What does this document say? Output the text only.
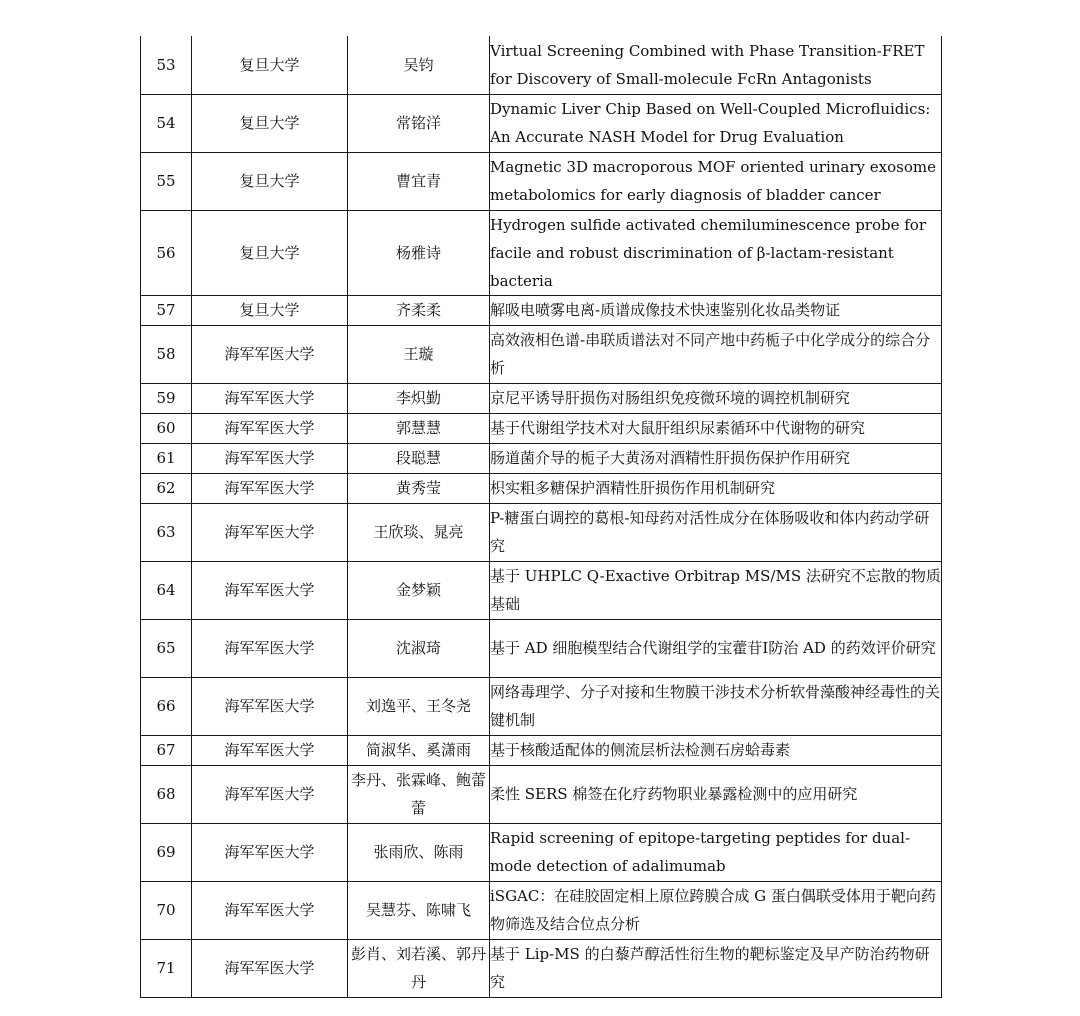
53	复旦大学	吴钧	Virtual Screening Combined with Phase Transition-FRET for Discovery of Small-molecule FcRn Antagonists
54	复旦大学	常铭洋	Dynamic Liver Chip Based on Well-Coupled Microfluidics: An Accurate NASH Model for Drug Evaluation
55	复旦大学	曹宜青	Magnetic 3D macroporous MOF oriented urinary exosome metabolomics for early diagnosis of bladder cancer
56	复旦大学	杨雅诗	Hydrogen sulfide activated chemiluminescence probe for facile and robust discrimination of β-lactam-resistant bacteria
57	复旦大学	齐柔柔	解吸电喷雾电离-质谱成像技术快速鉴别化妆品类物证
58	海军军医大学	王璇	高效液相色谱-串联质谱法对不同产地中药栀子中化学成分的综合分析
59	海军军医大学	李炽勤	京尼平诱导肝损伤对肠组织免疫微环境的调控机制研究
60	海军军医大学	郭慧慧	基于代谢组学技术对大鼠肝组织尿素循环中代谢物的研究
61	海军军医大学	段聪慧	肠道菌介导的栀子大黄汤对酒精性肝损伤保护作用研究
62	海军军医大学	黄秀莹	枳实粗多糖保护酒精性肝损伤作用机制研究
63	海军军医大学	王欣琰、晁亮	P-糖蛋白调控的葛根-知母药对活性成分在体肠吸收和体内药动学研究
64	海军军医大学	金梦颖	基于 UHPLC Q-Exactive Orbitrap MS/MS 法研究不忘散的物质基础
65	海军军医大学	沈淑琦	基于 AD 细胞模型结合代谢组学的宝藿苷I防治 AD 的药效评价研究
66	海军军医大学	刘逸平、王冬尧	网络毒理学、分子对接和生物膜干涉技术分析软骨藻酸神经毒性的关键机制
67	海军军医大学	简淑华、奚潇雨	基于核酸适配体的侧流层析法检测石房蛤毒素
68	海军军医大学	李丹、张霖峰、鲍蕾蕾	柔性 SERS 棉签在化疗药物职业暴露检测中的应用研究
69	海军军医大学	张雨欣、陈雨	Rapid screening of epitope-targeting peptides for dual-mode detection of adalimumab
70	海军军医大学	吴慧芬、陈啸飞	iSGAC：在硅胶固定相上原位跨膜合成 G 蛋白偶联受体用于靶向药物筛选及结合位点分析
71	海军军医大学	彭肖、刘若溪、郭丹丹	基于 Lip-MS 的白藜芦醇活性衍生物的靶标鉴定及早产防治药物研究
